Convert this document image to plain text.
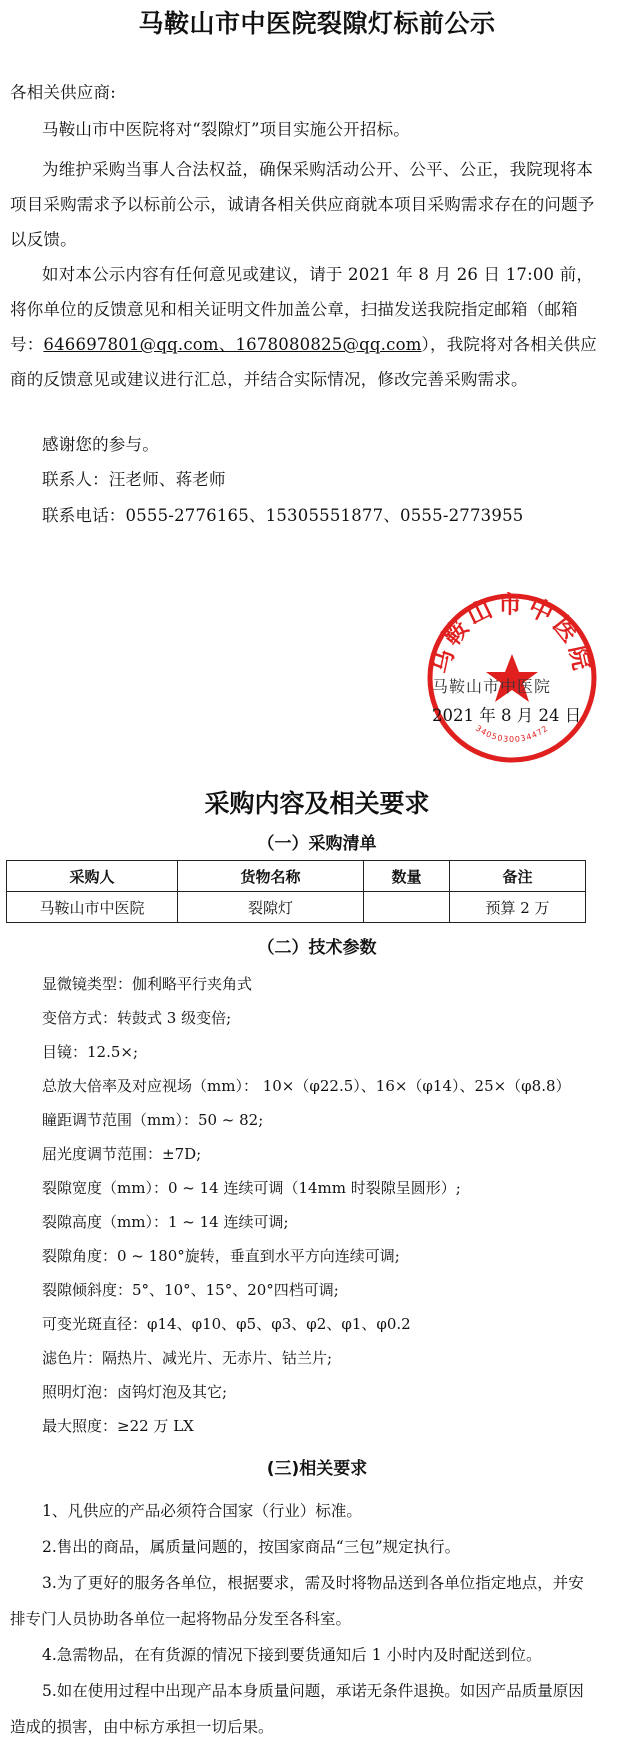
马鞍山市中医院裂隙灯标前公示
各相关供应商:
马鞍山市中医院将对“裂隙灯”项目实施公开招标。
为维护采购当事人合法权益，确保采购活动公开、公平、公正，我院现将本项目采购需求予以标前公示，诚请各相关供应商就本项目采购需求存在的问题予以反馈。
如对本公示内容有任何意见或建议，请于 2021 年 8 月 26 日 17:00 前，将你单位的反馈意见和相关证明文件加盖公章，扫描发送我院指定邮箱（邮箱号：646697801@qq.com、1678080825@qq.com），我院将对各相关供应商的反馈意见或建议进行汇总，并结合实际情况，修改完善采购需求。
感谢您的参与。
联系人：汪老师、蒋老师
联系电话：0555-2776165、15305551877、0555-2773955
马鞍山市中医院
3405030034472
马鞍山市中医院
2021 年 8 月 24 日
采购内容及相关要求
（一）采购清单
采购人	货物名称	数量	备注
马鞍山市中医院	裂隙灯		预算 2 万
（二）技术参数
显微镜类型：伽利略平行夹角式
变倍方式：转鼓式 3 级变倍;
目镜：12.5×;
总放大倍率及对应视场（mm）： 10×（φ22.5）、16×（φ14）、25×（φ8.8）
瞳距调节范围（mm）：50 ~ 82;
屈光度调节范围：±7D;
裂隙宽度（mm）：0 ~ 14 连续可调（14mm 时裂隙呈圆形）;
裂隙高度（mm）：1 ~ 14 连续可调;
裂隙角度：0 ~ 180°旋转，垂直到水平方向连续可调;
裂隙倾斜度：5°、10°、15°、20°四档可调;
可变光斑直径：φ14、φ10、φ5、φ3、φ2、φ1、φ0.2
滤色片：隔热片、减光片、无赤片、钴兰片;
照明灯泡：卤钨灯泡及其它;
最大照度：≥22 万 LX
(三)相关要求
1、凡供应的产品必须符合国家（行业）标准。
2.售出的商品，属质量问题的，按国家商品“三包”规定执行。
3.为了更好的服务各单位，根据要求，需及时将物品送到各单位指定地点，并安排专门人员协助各单位一起将物品分发至各科室。
4.急需物品，在有货源的情况下接到要货通知后 1 小时内及时配送到位。
5.如在使用过程中出现产品本身质量问题，承诺无条件退换。如因产品质量原因造成的损害，由中标方承担一切后果。
